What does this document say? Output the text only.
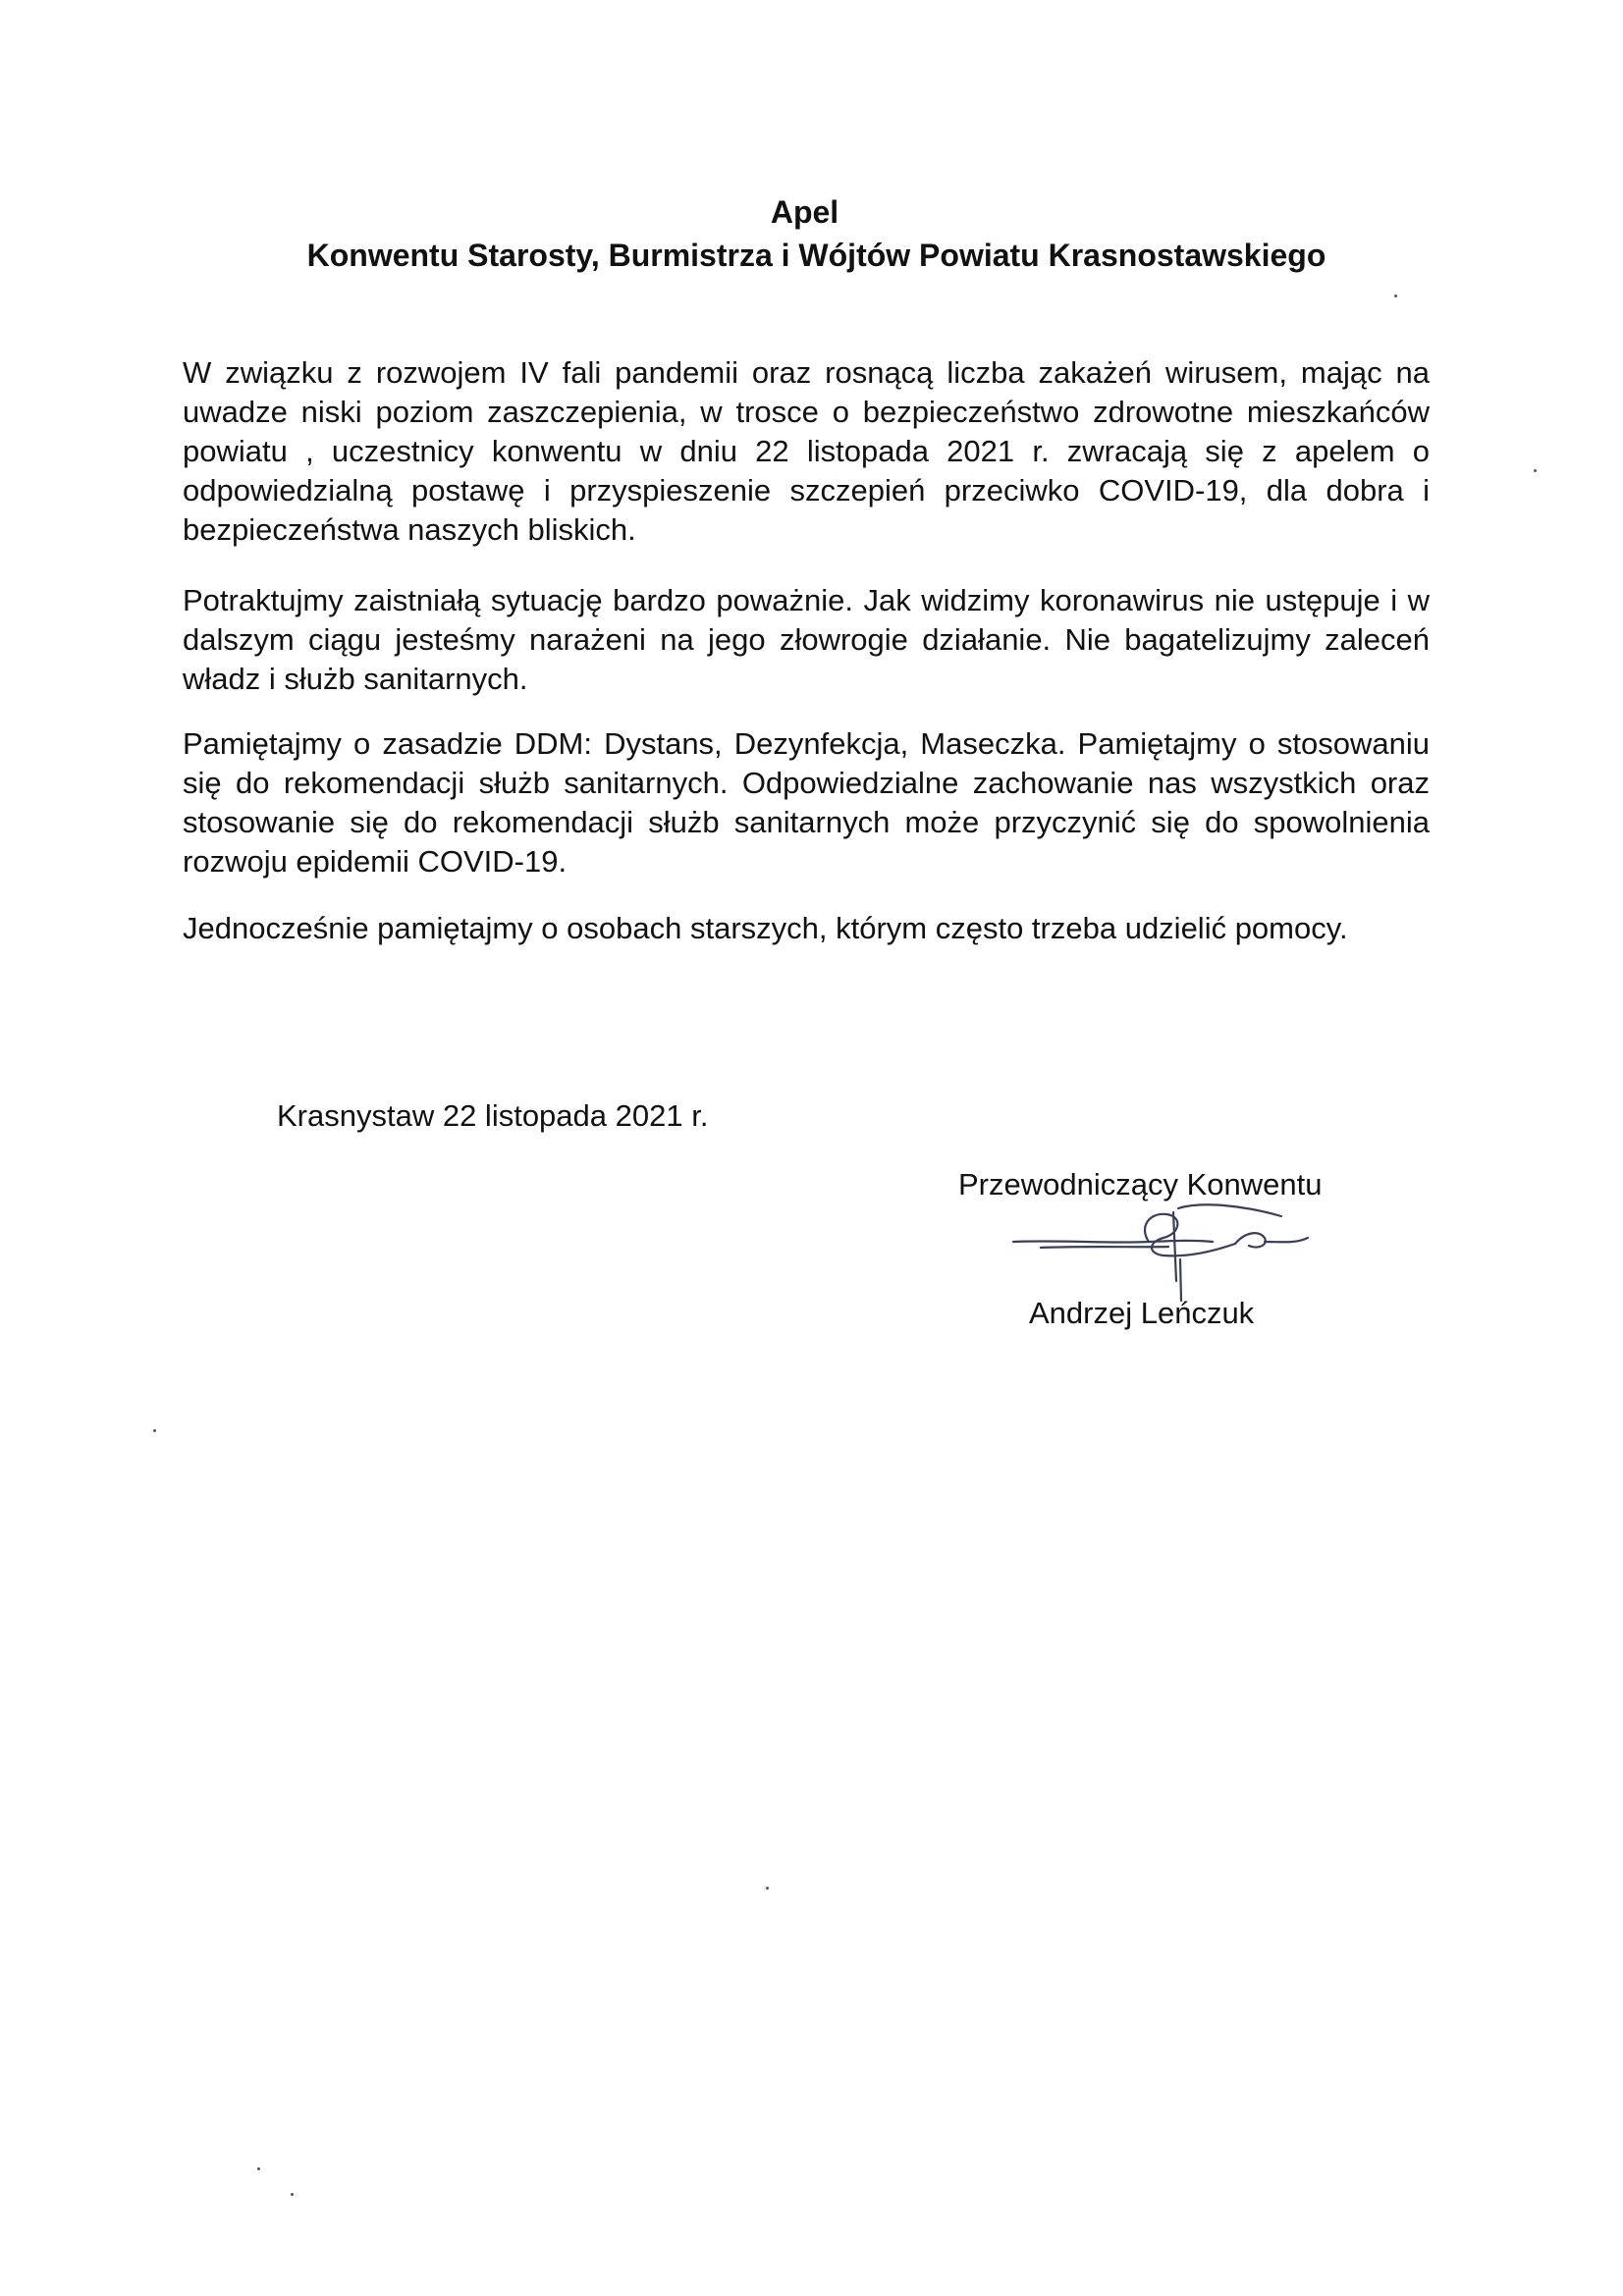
Apel
Konwentu Starosty, Burmistrza i Wójtów Powiatu Krasnostawskiego

W związku z rozwojem IV fali pandemii oraz rosnącą liczba zakażeń wirusem, mając na uwadze niski poziom zaszczepienia, w trosce o bezpieczeństwo zdrowotne mieszkańców powiatu , uczestnicy konwentu w dniu 22 listopada 2021 r. zwracają się z apelem o odpowiedzialną postawę i przyspieszenie szczepień przeciwko COVID-19, dla dobra i bezpieczeństwa naszych bliskich.

Potraktujmy zaistniałą sytuację bardzo poważnie. Jak widzimy koronawirus nie ustępuje i w dalszym ciągu jesteśmy narażeni na jego złowrogie działanie. Nie bagatelizujmy zaleceń władz i służb sanitarnych.

Pamiętajmy o zasadzie DDM: Dystans, Dezynfekcja, Maseczka. Pamiętajmy o stosowaniu się do rekomendacji służb sanitarnych. Odpowiedzialne zachowanie nas wszystkich oraz stosowanie się do rekomendacji służb sanitarnych może przyczynić się do spowolnienia rozwoju epidemii COVID-19.

Jednocześnie pamiętajmy o osobach starszych, którym często trzeba udzielić pomocy.

Krasnystaw 22 listopada 2021 r.
Przewodniczący Konwentu
Andrzej Leńczuk
